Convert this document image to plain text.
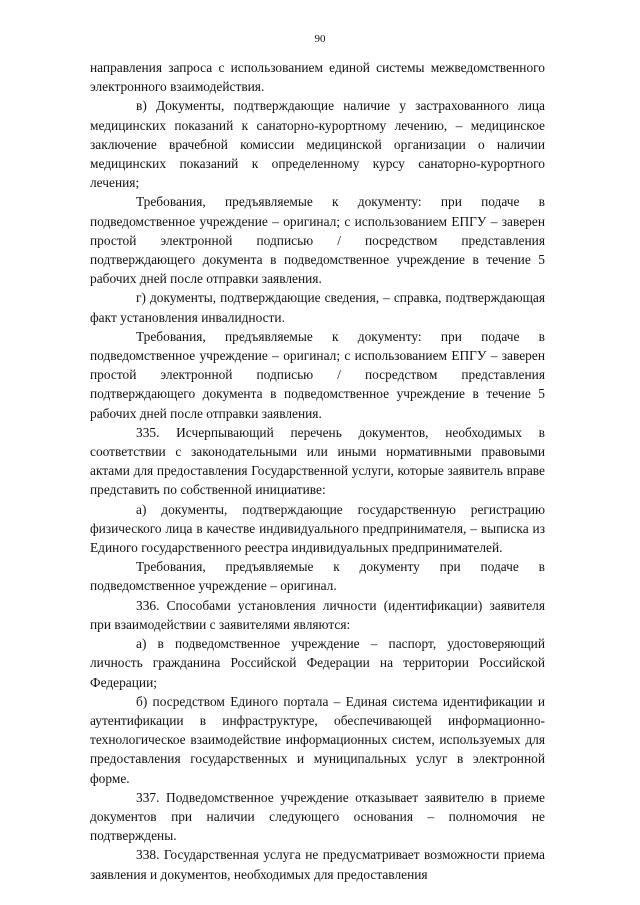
90

направления запроса с использованием единой системы межведомственного электронного взаимодействия.

в) Документы, подтверждающие наличие у застрахованного лица медицинских показаний к санаторно-курортному лечению, – медицинское заключение врачебной комиссии медицинской организации о наличии медицинских показаний к определенному курсу санаторно-курортного лечения;

Требования, предъявляемые к документу: при подаче в подведомственное учреждение – оригинал; с использованием ЕПГУ – заверен простой электронной подписью / посредством представления подтверждающего документа в подведомственное учреждение в течение 5 рабочих дней после отправки заявления.

г) документы, подтверждающие сведения, – справка, подтверждающая факт установления инвалидности.

Требования, предъявляемые к документу: при подаче в подведомственное учреждение – оригинал; с использованием ЕПГУ – заверен простой электронной подписью / посредством представления подтверждающего документа в подведомственное учреждение в течение 5 рабочих дней после отправки заявления.

335. Исчерпывающий перечень документов, необходимых в соответствии с законодательными или иными нормативными правовыми актами для предоставления Государственной услуги, которые заявитель вправе представить по собственной инициативе:

а) документы, подтверждающие государственную регистрацию физического лица в качестве индивидуального предпринимателя, – выписка из Единого государственного реестра индивидуальных предпринимателей.

Требования, предъявляемые к документу при подаче в подведомственное учреждение – оригинал.

336. Способами установления личности (идентификации) заявителя при взаимодействии с заявителями являются:

а) в подведомственное учреждение – паспорт, удостоверяющий личность гражданина Российской Федерации на территории Российской Федерации;

б) посредством Единого портала – Единая система идентификации и аутентификации в инфраструктуре, обеспечивающей информационно-технологическое взаимодействие информационных систем, используемых для предоставления государственных и муниципальных услуг в электронной форме.

337. Подведомственное учреждение отказывает заявителю в приеме документов при наличии следующего основания – полномочия не подтверждены.

338. Государственная услуга не предусматривает возможности приема заявления и документов, необходимых для предоставления
